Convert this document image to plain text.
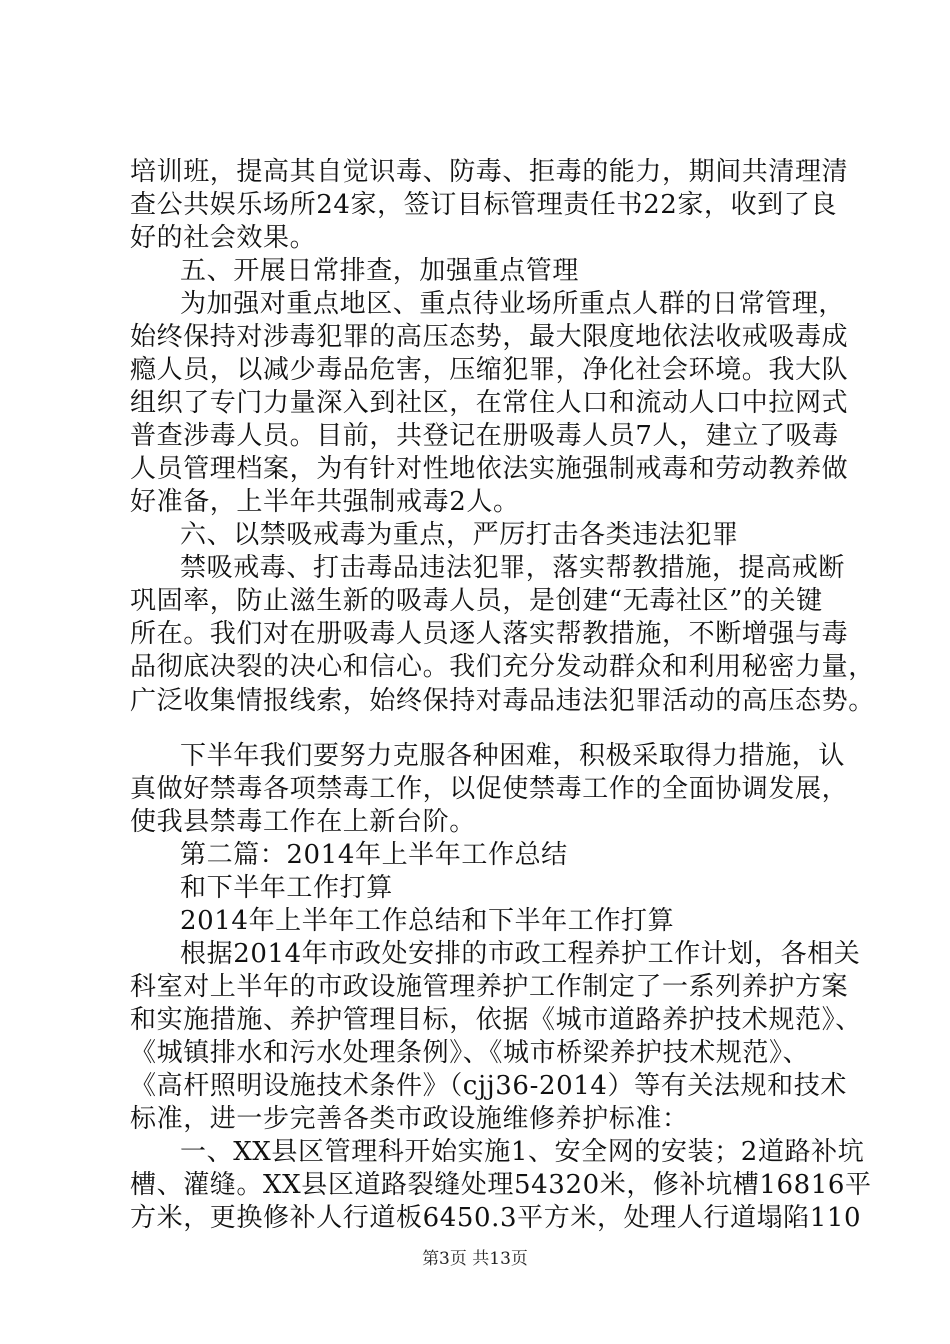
培训班，提高其自觉识毒、防毒、拒毒的能力，期间共清理清
查公共娱乐场所24家，签订目标管理责任书22家，收到了良
好的社会效果。
五、开展日常排查，加强重点管理
为加强对重点地区、重点待业场所重点人群的日常管理，
始终保持对涉毒犯罪的高压态势，最大限度地依法收戒吸毒成
瘾人员，以减少毒品危害，压缩犯罪，净化社会环境。我大队
组织了专门力量深入到社区，在常住人口和流动人口中拉网式
普查涉毒人员。目前，共登记在册吸毒人员7人，建立了吸毒
人员管理档案，为有针对性地依法实施强制戒毒和劳动教养做
好准备，上半年共强制戒毒2人。
六、以禁吸戒毒为重点，严厉打击各类违法犯罪
禁吸戒毒、打击毒品违法犯罪，落实帮教措施，提高戒断
巩固率，防止滋生新的吸毒人员，是创建“无毒社区”的关键
所在。我们对在册吸毒人员逐人落实帮教措施，不断增强与毒
品彻底决裂的决心和信心。我们充分发动群众和利用秘密力量，
广泛收集情报线索，始终保持对毒品违法犯罪活动的高压态势。
下半年我们要努力克服各种困难，积极采取得力措施，认
真做好禁毒各项禁毒工作，以促使禁毒工作的全面协调发展，
使我县禁毒工作在上新台阶。
第二篇：2014年上半年工作总结
和下半年工作打算
2014年上半年工作总结和下半年工作打算
根据2014年市政处安排的市政工程养护工作计划，各相关
科室对上半年的市政设施管理养护工作制定了一系列养护方案
和实施措施、养护管理目标，依据《城市道路养护技术规范》、
《城镇排水和污水处理条例》、《城市桥梁养护技术规范》、
《高杆照明设施技术条件》（cjj36-2014）等有关法规和技术
标准，进一步完善各类市政设施维修养护标准：
一、XX县区管理科开始实施1、安全网的安装；2道路补坑
槽、灌缝。XX县区道路裂缝处理54320米，修补坑槽16816平
方米，更换修补人行道板6450.3平方米，处理人行道塌陷110
第3页 共13页
